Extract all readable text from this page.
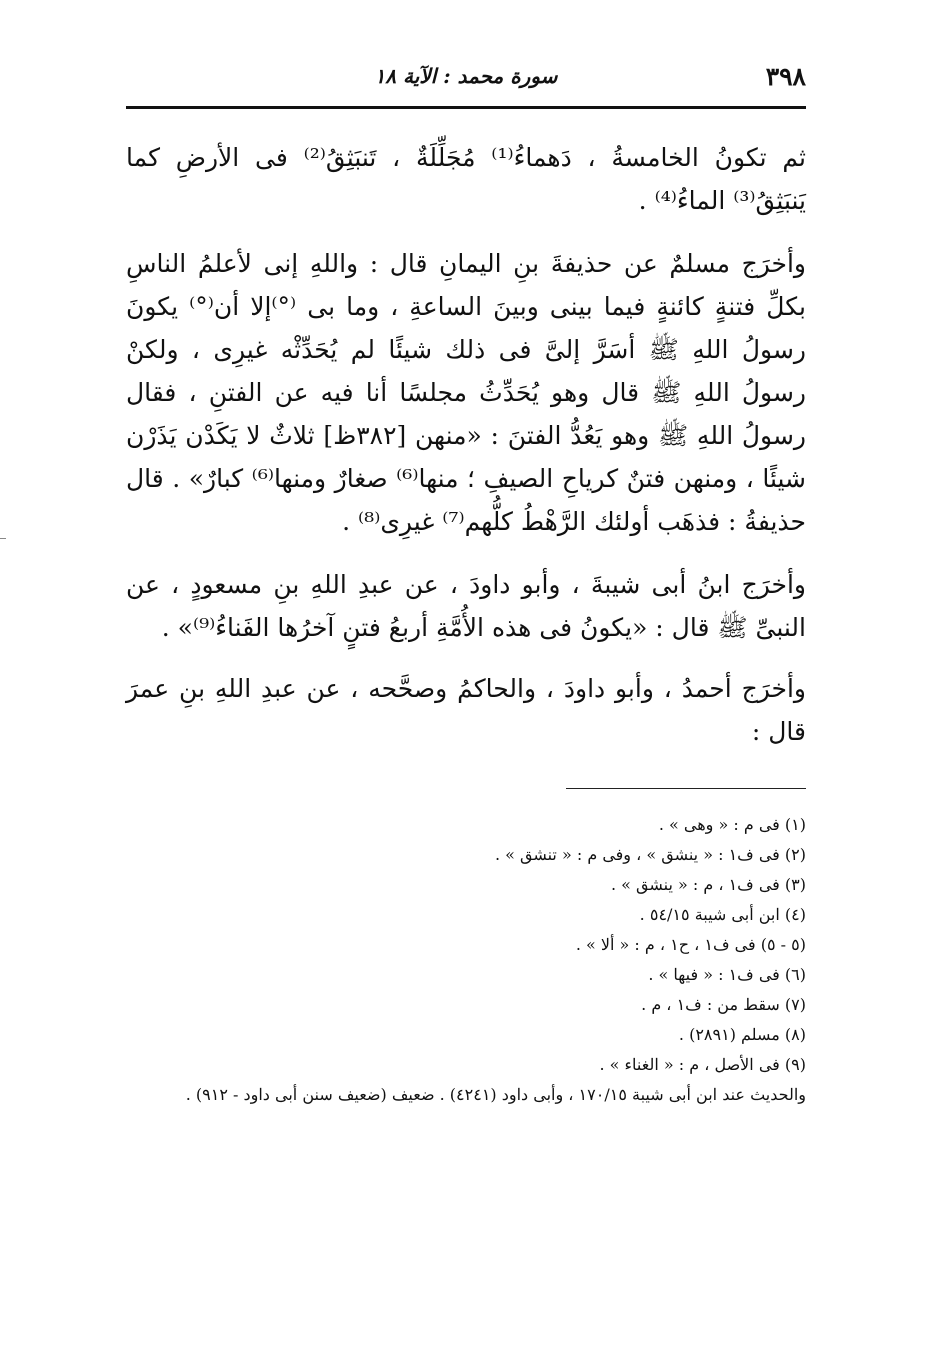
٣٩٨
سورة محمد : الآية ١٨

ثم تكونُ الخامسةُ ، دَهماءُ⁽¹⁾ مُجَلِّلَةٌ ، تَنبَثِقُ⁽²⁾ فى الأرضِ كما يَنبَثِقُ⁽³⁾ الماءُ⁽⁴⁾ .

وأخرَج مسلمٌ عن حذيفةَ بنِ اليمانِ قال : واللهِ إنى لأعلمُ الناسِ بكلِّ فتنةٍ كائنةٍ فيما بينى وبينَ الساعةِ ، وما بى ⁽°⁾إلا أن⁽°⁾ يكونَ رسولُ اللهِ ﷺ أسَرَّ إلىَّ فى ذلك شيئًا لم يُحَدِّثْه غيرِى ، ولكنْ رسولُ اللهِ ﷺ قال وهو يُحَدِّثُ مجلسًا أنا فيه عن الفتنِ ، فقال رسولُ اللهِ ﷺ وهو يَعُدُّ الفتنَ : «منهن [٣٨٢ظ] ثلاثٌ لا يَكَدْن يَذَرْن شيئًا ، ومنهن فتنٌ كرياحِ الصيفِ ؛ منها⁽⁶⁾ صغارٌ ومنها⁽⁶⁾ كبارٌ» . قال حذيفةُ : فذهَب أولئك الرَّهْطُ كلُّهم⁽⁷⁾ غيرِى⁽⁸⁾ .

وأخرَج ابنُ أبى شيبةَ ، وأبو داودَ ، عن عبدِ اللهِ بنِ مسعودٍ ، عن النبىِّ ﷺ قال : «يكونُ فى هذه الأُمَّةِ أربعُ فتنٍ آخرُها الفَناءُ⁽⁹⁾» .

وأخرَج أحمدُ ، وأبو داودَ ، والحاكمُ وصحَّحه ، عن عبدِ اللهِ بنِ عمرَ قال :

(١) فى م : « وهى » .
(٢) فى ف١ : « ينشق » ، وفى م : « تنشق » .
(٣) فى ف١ ، م : « ينشق » .
(٤) ابن أبى شيبة ٥٤/١٥ .
(٥ - ٥) فى ف١ ، ح١ ، م : « ألا » .
(٦) فى ف١ : « فيها » .
(٧) سقط من : ف١ ، م .
(٨) مسلم (٢٨٩١) .
(٩) فى الأصل ، م : « الغناء » .
والحديث عند ابن أبى شيبة ١٧٠/١٥ ، وأبى داود (٤٢٤١) . ضعيف (ضعيف سنن أبى داود - ٩١٢) .
